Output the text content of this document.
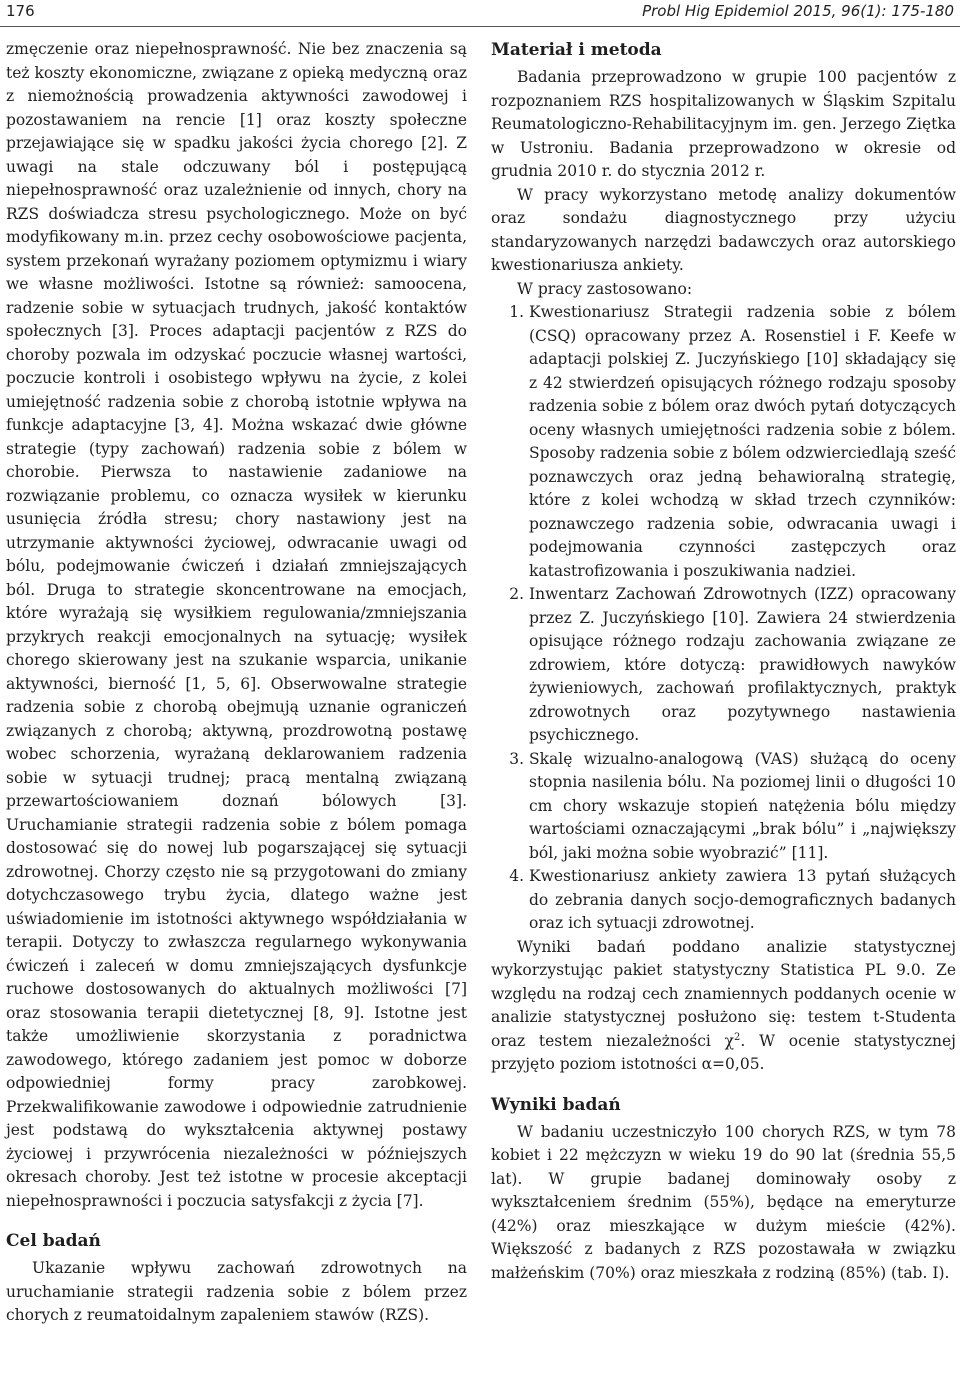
176	Probl Hig Epidemiol 2015, 96(1): 175-180

zmęczenie oraz niepełnosprawność. Nie bez znaczenia są też koszty ekonomiczne, związane z opieką medyczną oraz z niemożnością prowadzenia aktywności zawodowej i pozostawaniem na rencie [1] oraz koszty społeczne przejawiające się w spadku jakości życia chorego [2]. Z uwagi na stale odczuwany ból i postępującą niepełnosprawność oraz uzależnienie od innych, chory na RZS doświadcza stresu psychologicznego. Może on być modyfikowany m.in. przez cechy osobowościowe pacjenta, system przekonań wyrażany poziomem optymizmu i wiary we własne możliwości. Istotne są również: samoocena, radzenie sobie w sytuacjach trudnych, jakość kontaktów społecznych [3]. Proces adaptacji pacjentów z RZS do choroby pozwala im odzyskać poczucie własnej wartości, poczucie kontroli i osobistego wpływu na życie, z kolei umiejętność radzenia sobie z chorobą istotnie wpływa na funkcje adaptacyjne [3, 4]. Można wskazać dwie główne strategie (typy zachowań) radzenia sobie z bólem w chorobie. Pierwsza to nastawienie zadaniowe na rozwiązanie problemu, co oznacza wysiłek w kierunku usunięcia źródła stresu; chory nastawiony jest na utrzymanie aktywności życiowej, odwracanie uwagi od bólu, podejmowanie ćwiczeń i działań zmniejszających ból. Druga to strategie skoncentrowane na emocjach, które wyrażają się wysiłkiem regulowania/zmniejszania przykrych reakcji emocjonalnych na sytuację; wysiłek chorego skierowany jest na szukanie wsparcia, unikanie aktywności, bierność [1, 5, 6]. Obserwowalne strategie radzenia sobie z chorobą obejmują uznanie ograniczeń związanych z chorobą; aktywną, prozdrowotną postawę wobec schorzenia, wyrażaną deklarowaniem radzenia sobie w sytuacji trudnej; pracą mentalną związaną przewartościowaniem doznań bólowych [3]. Uruchamianie strategii radzenia sobie z bólem pomaga dostosować się do nowej lub pogarszającej się sytuacji zdrowotnej. Chorzy często nie są przygotowani do zmiany dotychczasowego trybu życia, dlatego ważne jest uświadomienie im istotności aktywnego współdziałania w terapii. Dotyczy to zwłaszcza regularnego wykonywania ćwiczeń i zaleceń w domu zmniejszających dysfunkcje ruchowe dostosowanych do aktualnych możliwości [7] oraz stosowania terapii dietetycznej [8, 9]. Istotne jest także umożliwienie skorzystania z poradnictwa zawodowego, którego zadaniem jest pomoc w doborze odpowiedniej formy pracy zarobkowej. Przekwalifikowanie zawodowe i odpowiednie zatrudnienie jest podstawą do wykształcenia aktywnej postawy życiowej i przywrócenia niezależności w późniejszych okresach choroby. Jest też istotne w procesie akceptacji niepełnosprawności i poczucia satysfakcji z życia [7].

Cel badań

Ukazanie wpływu zachowań zdrowotnych na uruchamianie strategii radzenia sobie z bólem przez chorych z reumatoidalnym zapaleniem stawów (RZS).

Materiał i metoda

Badania przeprowadzono w grupie 100 pacjentów z rozpoznaniem RZS hospitalizowanych w Śląskim Szpitalu Reumatologiczno-Rehabilitacyjnym im. gen. Jerzego Ziętka w Ustroniu. Badania przeprowadzono w okresie od grudnia 2010 r. do stycznia 2012 r.

W pracy wykorzystano metodę analizy dokumentów oraz sondażu diagnostycznego przy użyciu standaryzowanych narzędzi badawczych oraz autorskiego kwestionariusza ankiety.

W pracy zastosowano:

1. Kwestionariusz Strategii radzenia sobie z bólem (CSQ) opracowany przez A. Rosenstiel i F. Keefe w adaptacji polskiej Z. Juczyńskiego [10] składający się z 42 stwierdzeń opisujących różnego rodzaju sposoby radzenia sobie z bólem oraz dwóch pytań dotyczących oceny własnych umiejętności radzenia sobie z bólem. Sposoby radzenia sobie z bólem odzwierciedlają sześć poznawczych oraz jedną behawioralną strategię, które z kolei wchodzą w skład trzech czynników: poznawczego radzenia sobie, odwracania uwagi i podejmowania czynności zastępczych oraz katastrofizowania i poszukiwania nadziei.
2. Inwentarz Zachowań Zdrowotnych (IZZ) opracowany przez Z. Juczyńskiego [10]. Zawiera 24 stwierdzenia opisujące różnego rodzaju zachowania związane ze zdrowiem, które dotyczą: prawidłowych nawyków żywieniowych, zachowań profilaktycznych, praktyk zdrowotnych oraz pozytywnego nastawienia psychicznego.
3. Skalę wizualno-analogową (VAS) służącą do oceny stopnia nasilenia bólu. Na poziomej linii o długości 10 cm chory wskazuje stopień natężenia bólu między wartościami oznaczającymi „brak bólu” i „największy ból, jaki można sobie wyobrazić” [11].
4. Kwestionariusz ankiety zawiera 13 pytań służących do zebrania danych socjo-demograficznych badanych oraz ich sytuacji zdrowotnej.

Wyniki badań poddano analizie statystycznej wykorzystując pakiet statystyczny Statistica PL 9.0. Ze względu na rodzaj cech znamiennych poddanych ocenie w analizie statystycznej posłużono się: testem t-Studenta oraz testem niezależności $\chi^2$. W ocenie statystycznej przyjęto poziom istotności α=0,05.

Wyniki badań

W badaniu uczestniczyło 100 chorych RZS, w tym 78 kobiet i 22 mężczyzn w wieku 19 do 90 lat (średnia 55,5 lat). W grupie badanej dominowały osoby z wykształceniem średnim (55%), będące na emeryturze (42%) oraz mieszkające w dużym mieście (42%). Większość z badanych z RZS pozostawała w związku małżeńskim (70%) oraz mieszkała z rodziną (85%) (tab. I).
